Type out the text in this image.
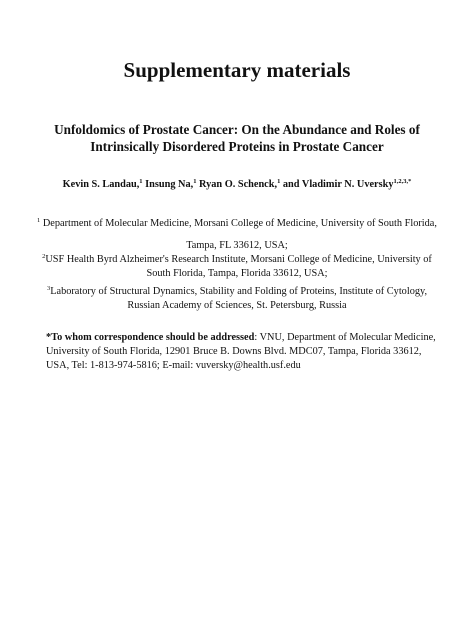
Supplementary materials
Unfoldomics of Prostate Cancer: On the Abundance and Roles of
Intrinsically Disordered Proteins in Prostate Cancer
Kevin S. Landau,$^1$ Insung Na,$^1$ Ryan O. Schenck,$^1$ and Vladimir N. Uversky$^{1,2,3,*}$
$^1$ Department of Molecular Medicine, Morsani College of Medicine, University of South Florida,
Tampa, FL 33612, USA;
$^2$USF Health Byrd Alzheimer's Research Institute, Morsani College of Medicine, University of
South Florida, Tampa, Florida 33612, USA;
$^3$Laboratory of Structural Dynamics, Stability and Folding of Proteins, Institute of Cytology,
Russian Academy of Sciences, St. Petersburg, Russia
*To whom correspondence should be addressed: VNU, Department of Molecular Medicine,
University of South Florida, 12901 Bruce B. Downs Blvd. MDC07, Tampa, Florida 33612,
USA, Tel: 1-813-974-5816; E-mail: vuversky@health.usf.edu
